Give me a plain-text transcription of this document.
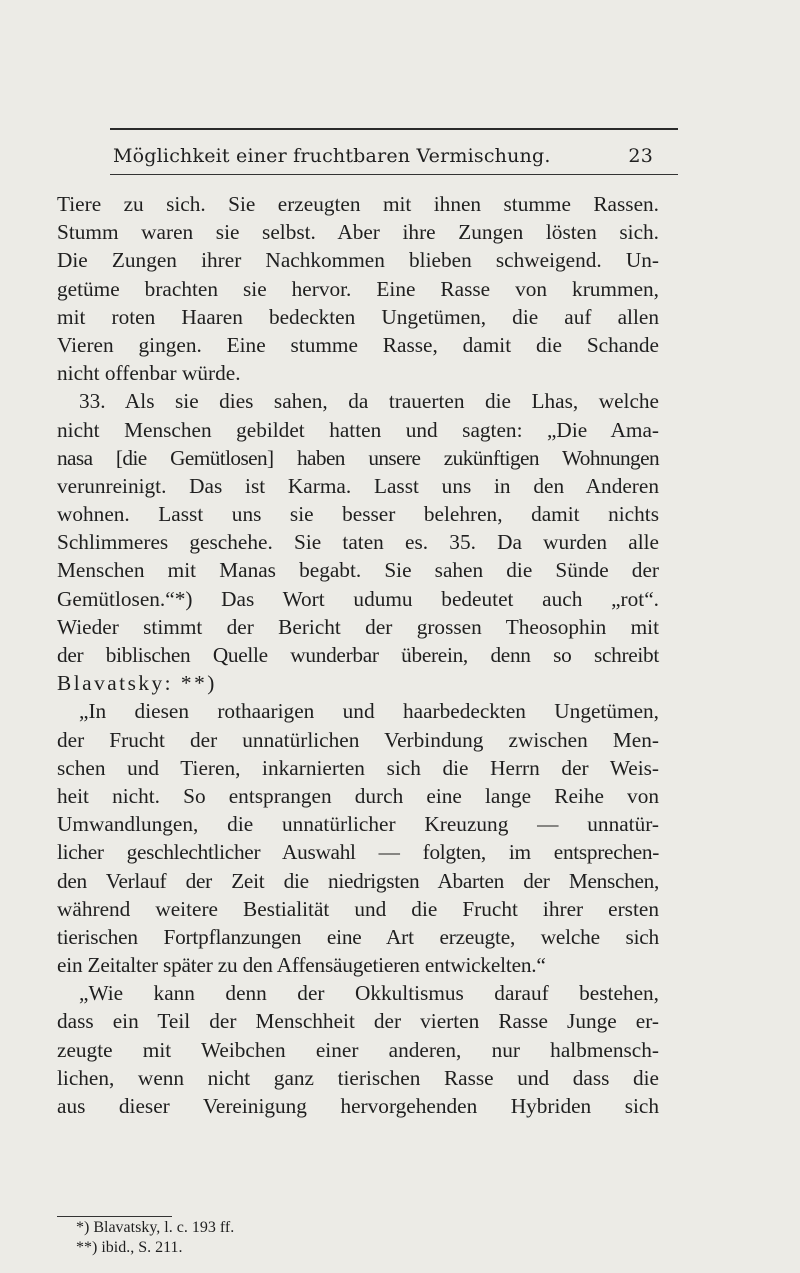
Möglichkeit einer fruchtbaren Vermischung.	23
Tiere zu sich. Sie erzeugten mit ihnen stumme Rassen.
Stumm waren sie selbst. Aber ihre Zungen lösten sich.
Die Zungen ihrer Nachkommen blieben schweigend. Un-
getüme brachten sie hervor. Eine Rasse von krummen,
mit roten Haaren bedeckten Ungetümen, die auf allen
Vieren gingen. Eine stumme Rasse, damit die Schande
nicht offenbar würde.
33. Als sie dies sahen, da trauerten die Lhas, welche
nicht Menschen gebildet hatten und sagten: „Die Ama-
nasa [die Gemütlosen] haben unsere zukünftigen Wohnungen
verunreinigt. Das ist Karma. Lasst uns in den Anderen
wohnen. Lasst uns sie besser belehren, damit nichts
Schlimmeres geschehe. Sie taten es. 35. Da wurden alle
Menschen mit Manas begabt. Sie sahen die Sünde der
Gemütlosen.“*) Das Wort udumu bedeutet auch „rot“.
Wieder stimmt der Bericht der grossen Theosophin mit
der biblischen Quelle wunderbar überein, denn so schreibt
Blavatsky: **)
„In diesen rothaarigen und haarbedeckten Ungetümen,
der Frucht der unnatürlichen Verbindung zwischen Men-
schen und Tieren, inkarnierten sich die Herrn der Weis-
heit nicht. So entsprangen durch eine lange Reihe von
Umwandlungen, die unnatürlicher Kreuzung — unnatür-
licher geschlechtlicher Auswahl — folgten, im entsprechen-
den Verlauf der Zeit die niedrigsten Abarten der Menschen,
während weitere Bestialität und die Frucht ihrer ersten
tierischen Fortpflanzungen eine Art erzeugte, welche sich
ein Zeitalter später zu den Affensäugetieren entwickelten.“
„Wie kann denn der Okkultismus darauf bestehen,
dass ein Teil der Menschheit der vierten Rasse Junge er-
zeugte mit Weibchen einer anderen, nur halbmensch-
lichen, wenn nicht ganz tierischen Rasse und dass die
aus dieser Vereinigung hervorgehenden Hybriden sich
*) Blavatsky, l. c. 193 ff.
**) ibid., S. 211.
